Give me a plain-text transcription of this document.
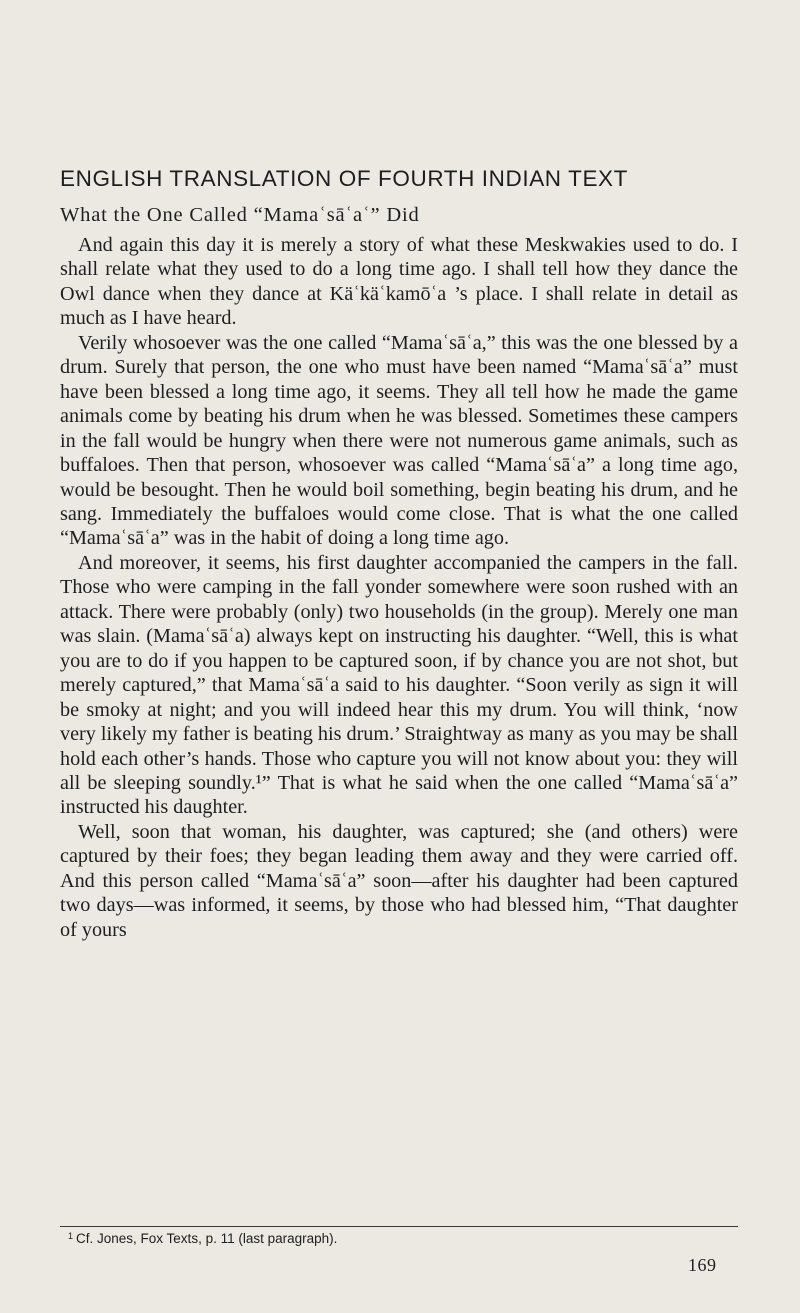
ENGLISH TRANSLATION OF FOURTH INDIAN TEXT
What the One Called “Mamaʿsāʿaʿ” Did

And again this day it is merely a story of what these Meskwakies used to do. I shall relate what they used to do a long time ago. I shall tell how they dance the Owl dance when they dance at Käʿkäʿkamōʿa ’s place. I shall relate in detail as much as I have heard.

Verily whosoever was the one called “Mamaʿsāʿa,” this was the one blessed by a drum. Surely that person, the one who must have been named “Mamaʿsāʿa” must have been blessed a long time ago, it seems. They all tell how he made the game animals come by beating his drum when he was blessed. Sometimes these campers in the fall would be hungry when there were not numerous game animals, such as buffaloes. Then that person, whosoever was called “Mamaʿsāʿa” a long time ago, would be besought. Then he would boil something, begin beating his drum, and he sang. Immediately the buffaloes would come close. That is what the one called “Mamaʿsāʿa” was in the habit of doing a long time ago.

And moreover, it seems, his first daughter accompanied the campers in the fall. Those who were camping in the fall yonder somewhere were soon rushed with an attack. There were probably (only) two households (in the group). Merely one man was slain. (Mamaʿsāʿa) always kept on instructing his daughter. “Well, this is what you are to do if you happen to be captured soon, if by chance you are not shot, but merely captured,” that Mamaʿsāʿa said to his daughter. “Soon verily as sign it will be smoky at night; and you will indeed hear this my drum. You will think, ‘now very likely my father is beating his drum.’ Straightway as many as you may be shall hold each other’s hands. Those who capture you will not know about you: they will all be sleeping soundly.¹” That is what he said when the one called “Mamaʿsāʿa” instructed his daughter.

Well, soon that woman, his daughter, was captured; she (and others) were captured by their foes; they began leading them away and they were carried off. And this person called “Mamaʿsāʿa” soon—after his daughter had been captured two days—was informed, it seems, by those who had blessed him, “That daughter of yours

$^1$ Cf. Jones, Fox Texts, p. 11 (last paragraph).
169
